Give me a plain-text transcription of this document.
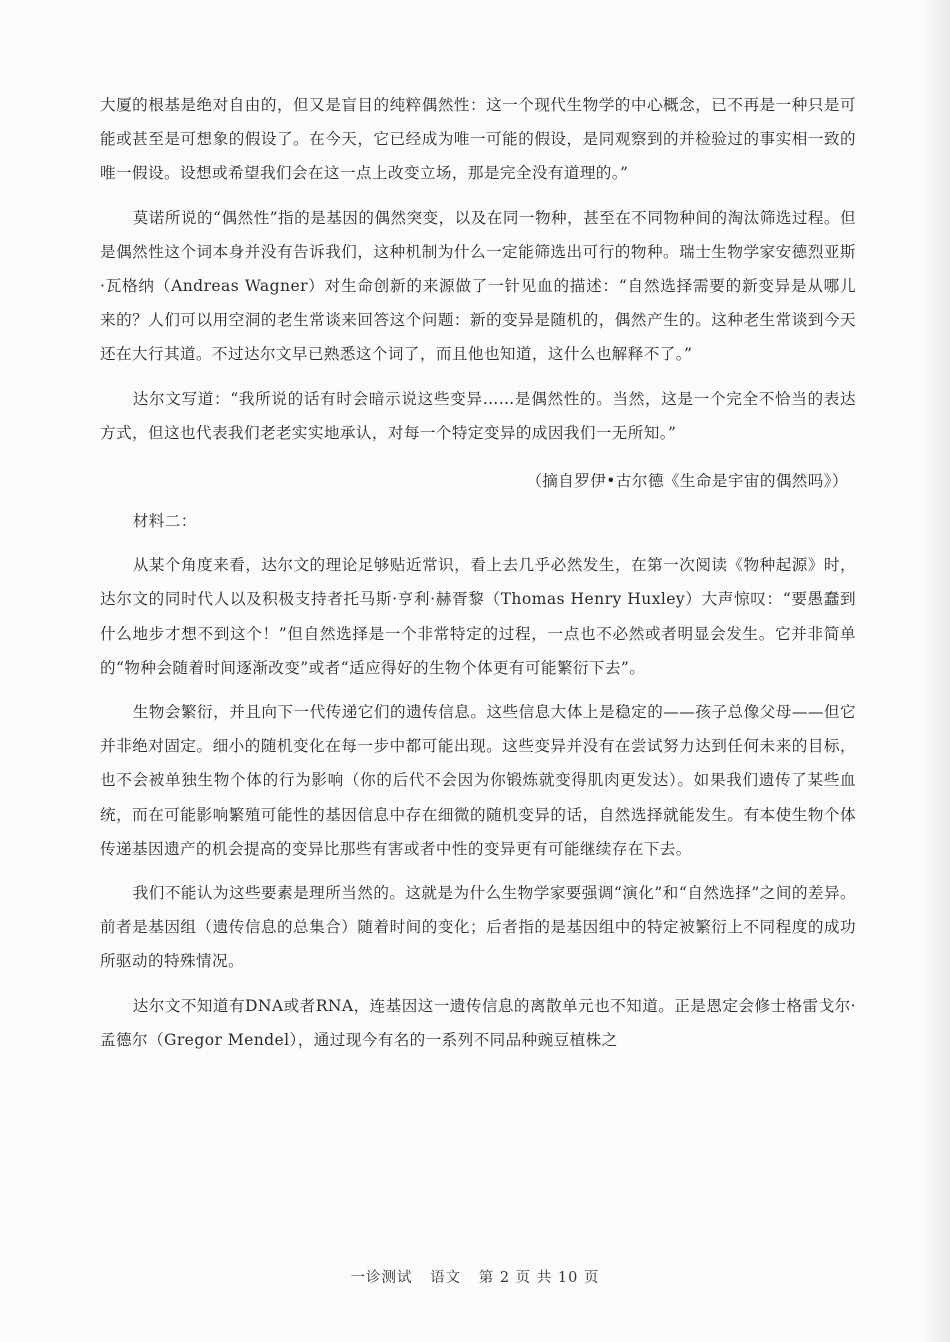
大厦的根基是绝对自由的，但又是盲目的纯粹偶然性：这一个现代生物学的中心概念，已不再是一种只是可能或甚至是可想象的假设了。在今天，它已经成为唯一可能的假设，是同观察到的并检验过的事实相一致的唯一假设。设想或希望我们会在这一点上改变立场，那是完全没有道理的。”

莫诺所说的“偶然性”指的是基因的偶然突变，以及在同一物种，甚至在不同物种间的淘汰筛选过程。但是偶然性这个词本身并没有告诉我们，这种机制为什么一定能筛选出可行的物种。瑞士生物学家安德烈亚斯·瓦格纳（Andreas Wagner）对生命创新的来源做了一针见血的描述：“自然选择需要的新变异是从哪儿来的？人们可以用空洞的老生常谈来回答这个问题：新的变异是随机的，偶然产生的。这种老生常谈到今天还在大行其道。不过达尔文早已熟悉这个词了，而且他也知道，这什么也解释不了。”

达尔文写道：“我所说的话有时会暗示说这些变异……是偶然性的。当然，这是一个完全不恰当的表达方式，但这也代表我们老老实实地承认，对每一个特定变异的成因我们一无所知。”

（摘自罗伊•古尔德《生命是宇宙的偶然吗》）

材料二：

从某个角度来看，达尔文的理论足够贴近常识，看上去几乎必然发生，在第一次阅读《物种起源》时，达尔文的同时代人以及积极支持者托马斯·亨利·赫胥黎（Thomas Henry Huxley）大声惊叹：“要愚蠢到什么地步才想不到这个！”但自然选择是一个非常特定的过程，一点也不必然或者明显会发生。它并非简单的“物种会随着时间逐渐改变”或者“适应得好的生物个体更有可能繁衍下去”。

生物会繁衍，并且向下一代传递它们的遗传信息。这些信息大体上是稳定的——孩子总像父母——但它并非绝对固定。细小的随机变化在每一步中都可能出现。这些变异并没有在尝试努力达到任何未来的目标，也不会被单独生物个体的行为影响（你的后代不会因为你锻炼就变得肌肉更发达）。如果我们遗传了某些血统，而在可能影响繁殖可能性的基因信息中存在细微的随机变异的话，自然选择就能发生。有本使生物个体传递基因遗产的机会提高的变异比那些有害或者中性的变异更有可能继续存在下去。

我们不能认为这些要素是理所当然的。这就是为什么生物学家要强调“演化”和“自然选择”之间的差异。前者是基因组（遗传信息的总集合）随着时间的变化；后者指的是基因组中的特定被繁衍上不同程度的成功所驱动的特殊情况。

达尔文不知道有DNA或者RNA，连基因这一遗传信息的离散单元也不知道。正是恩定会修士格雷戈尔·孟德尔（Gregor Mendel），通过现今有名的一系列不同品种豌豆植株之

一诊测试 语文 第 2 页 共 10 页
